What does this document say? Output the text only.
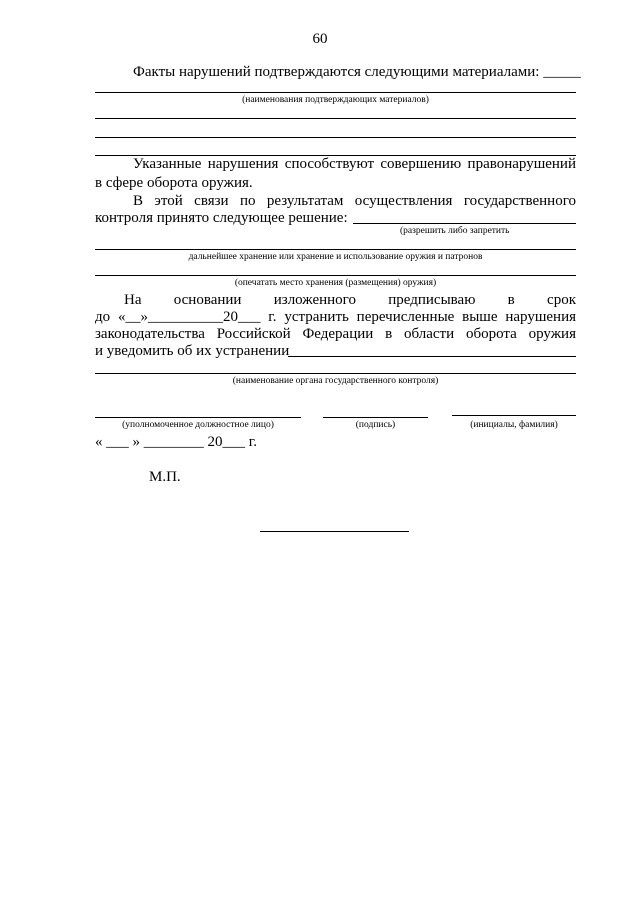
60
Факты нарушений подтверждаются следующими материалами: _____
(наименования подтверждающих материалов)
Указанные нарушения способствуют совершению правонарушений
в сфере оборота оружия.
В этой связи по результатам осуществления государственного
контроля принято следующее решение:
(разрешить либо запретить
дальнейшее хранение или хранение и использование оружия и патронов
(опечатать место хранения (размещения) оружия)
На основании изложенного предписываю в срок
до «__»__________20___ г. устранить перечисленные выше нарушения
законодательства Российской Федерации в области оборота оружия
и уведомить об их устранении
(наименование органа государственного контроля)
(уполномоченное должностное лицо)	(подпись)	(инициалы, фамилия)
« ___ » ________ 20___ г.
М.П.
